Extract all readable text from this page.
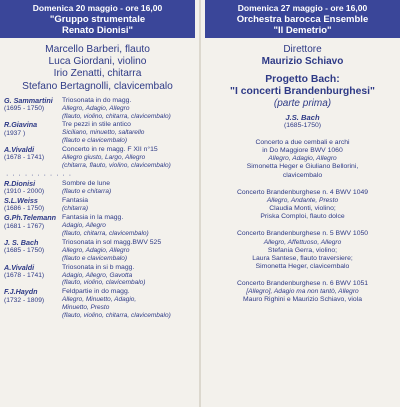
Domenica 20 maggio - ore 16,00
"Gruppo strumentale
Renato Dionisi"
Marcello Barberi, flauto
Luca Giordani, violino
Irio Zenatti, chitarra
Stefano Bertagnolli, clavicembalo
G. Sammartini
(1695 - 1750)
Triosonata in do magg.
Allegro, Adagio, Allegro
(flauto, violino, chitarra, clavicembalo)
R.Giavina
(1937 )
Tre pezzi in stile antico
Siciliano, minuetto, saltarello
(flauto e clavicembalo)
A.Vivaldi
(1678 - 1741)
Concerto in re magg. F XII n°15
Allegro giusto, Largo, Allegro
(chitarra, flauto, violino, clavicembalo)
· · · · · · · · · · ·
R.Dionisi
(1910 - 2000)
Sombre de lune
(flauto e chitarra)
S.L.Weiss
(1686 - 1750)
Fantasia
(chitarra)
G.Ph.Telemann
(1681 - 1767)
Fantasia in la magg.
Adagio, Allegro
(flauto, chitarra, clavicembalo)
J. S. Bach
(1685 - 1750)
Triosonata in sol magg.BWV 525
Allegro, Adagio, Allegro
(flauto e clavicembalo)
A.Vivaldi
(1678 - 1741)
Triosonata in si b magg.
Adagio, Allegro, Gavotta
(flauto, violino, clavicembalo)
F.J.Haydn
(1732 - 1809)
Feldpartie in do magg.
Allegro, Minuetto, Adagio,
Minuetto, Presto
(flauto, violino, chitarra, clavicembalo)
Domenica 27 maggio - ore 16,00
Orchestra barocca Ensemble
"Il Demetrio"
Direttore
Maurizio Schiavo
Progetto Bach:
"I concerti Brandenburghesi"
(parte prima)
J.S. Bach
(1685-1750)
Concerto a due cembali e archi
in Do Maggiore BWV 1060
Allegro, Adagio, Allegro
Simonetta Heger e Giuliano Bellorini,
clavicembalo
Concerto Brandenburghese n. 4 BWV 1049
Allegro, Andante, Presto
Claudia Monti, violino;
Priska Comploi, flauto dolce
Concerto Brandenburghese n. 5 BWV 1050
Allegro, Affettuoso, Allegro
Stefania Gerra, violino;
Laura Santese, flauto traversiere;
Simonetta Heger, clavicembalo
Concerto Brandenburghese n. 6 BWV 1051
[Allegro], Adagio ma non tantò, Allegro
Mauro Righini e Maurizio Schiavo, viola
